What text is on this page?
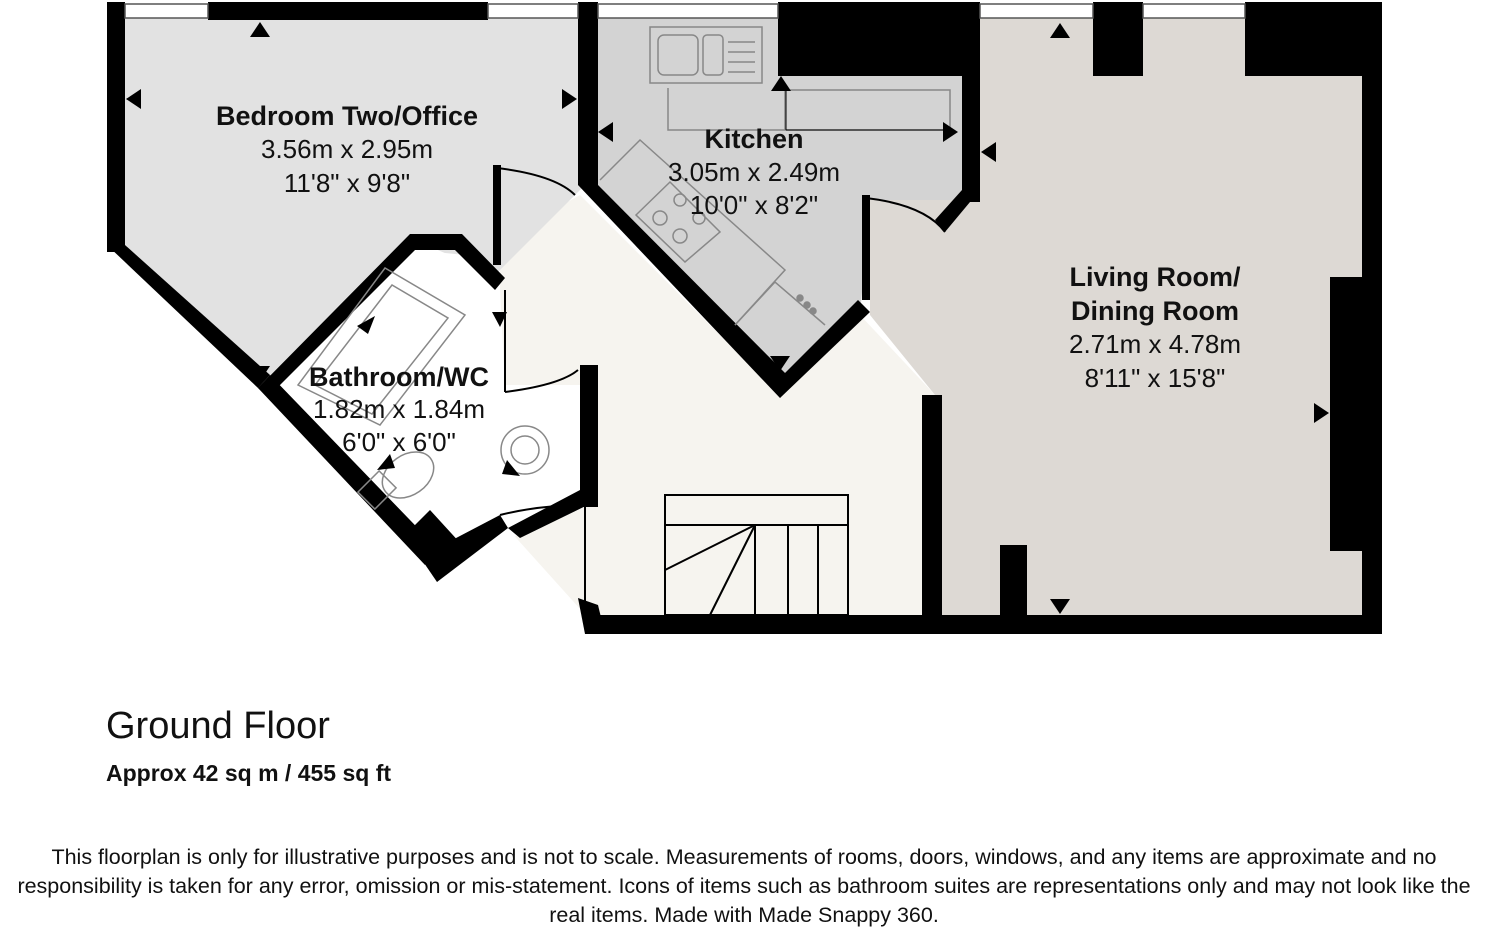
Bedroom Two/Office
3.56m x 2.95m
11'8" x 9'8"
Kitchen
3.05m x 2.49m
10'0" x 8'2"
Living Room/
Dining Room
2.71m x 4.78m
8'11" x 15'8"
Bathroom/WC
1.82m x 1.84m
6'0" x 6'0"
Ground Floor

Approx 42 sq m / 455 sq ft

This floorplan is only for illustrative purposes and is not to scale. Measurements of rooms, doors, windows, and any items are approximate and no responsibility is taken for any error, omission or mis-statement. Icons of items such as bathroom suites are representations only and may not look like the real items. Made with Made Snappy 360.
